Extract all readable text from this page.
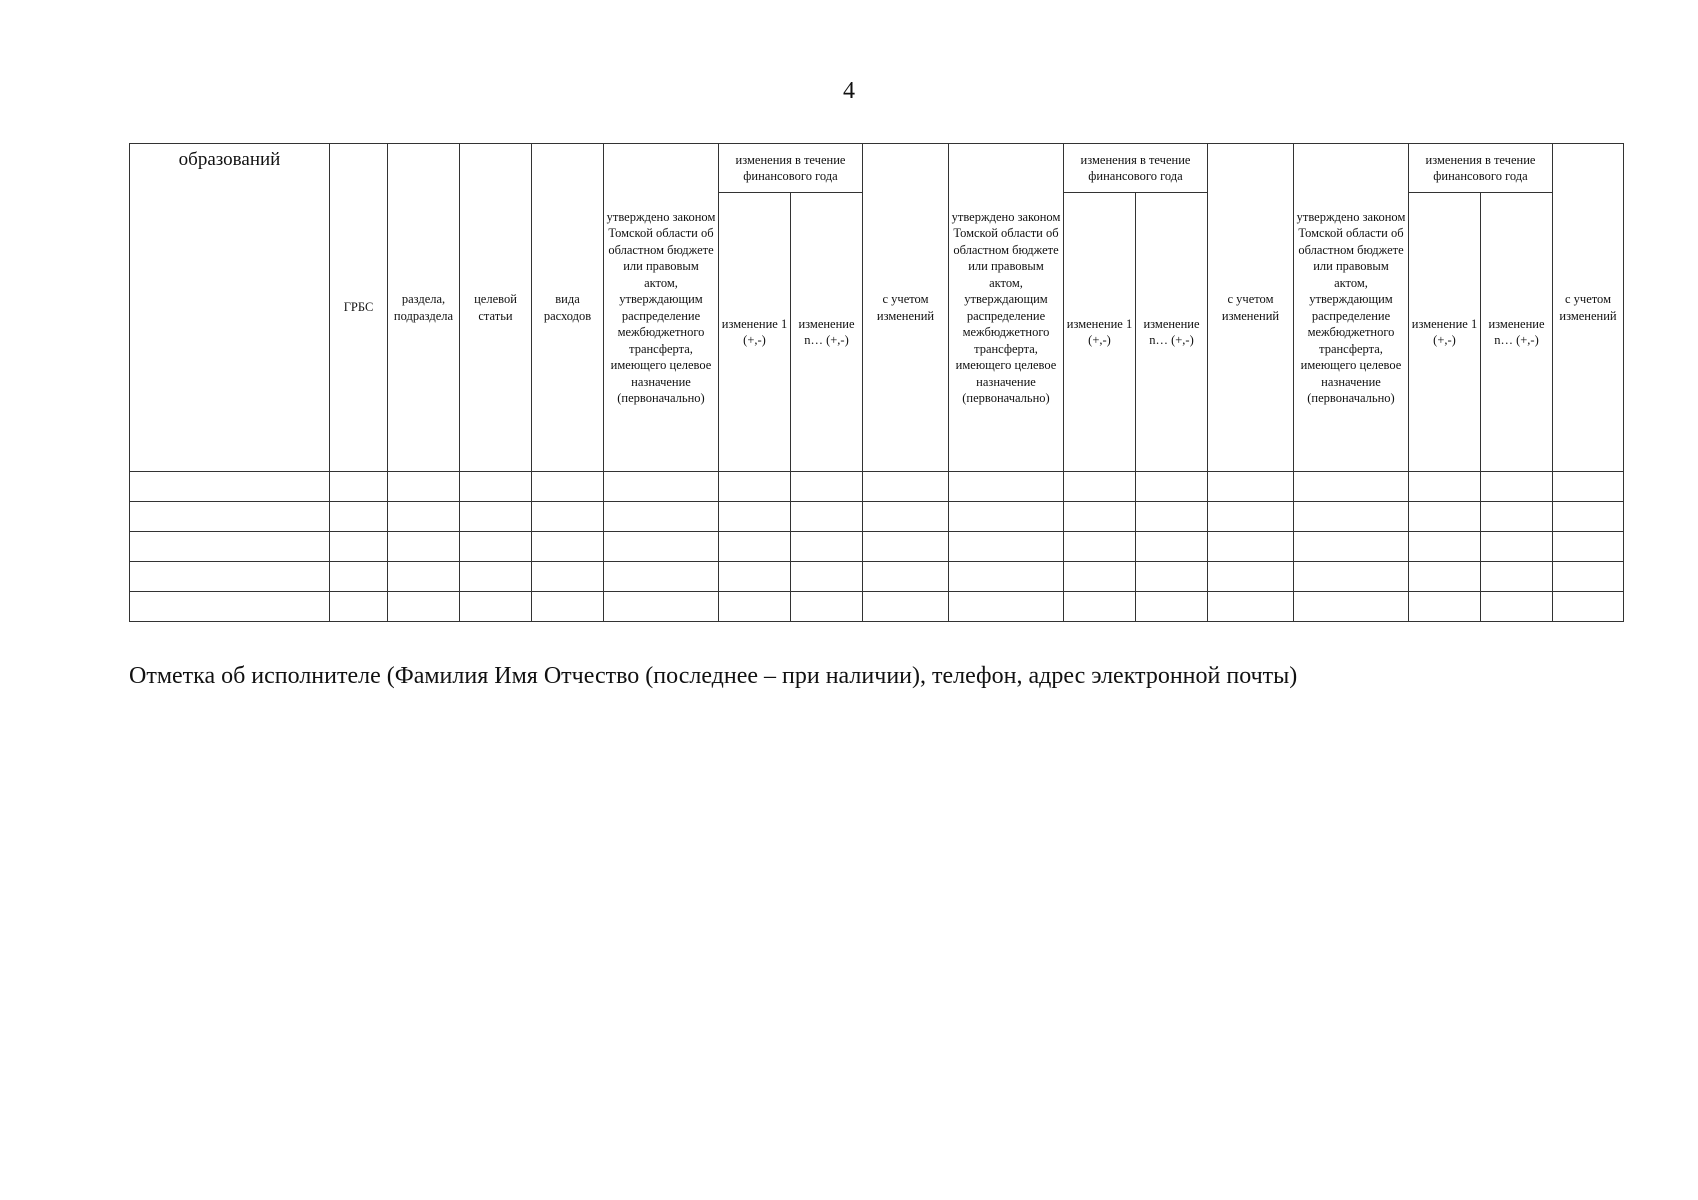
4
образований	ГРБС	раздела, подраздела	целевой статьи	вида расходов	утверждено законом Томской области об областном бюджете или правовым актом, утверждающим распределение межбюджетного трансферта, имеющего целевое назначение (первоначально)	изменения в течение финансового года		с учетом изменений	утверждено законом Томской области об областном бюджете или правовым актом, утверждающим распределение межбюджетного трансферта, имеющего целевое назначение (первоначально)	изменения в течение финансового года		с учетом изменений	утверждено законом Томской области об областном бюджете или правовым актом, утверждающим распределение межбюджетного трансферта, имеющего целевое назначение (первоначально)	изменения в течение финансового года		с учетом изменений
						изменение 1 (+,-)	изменение n… (+,-)			изменение 1 (+,-)	изменение n… (+,-)			изменение 1 (+,-)	изменение n… (+,-)	

Отметка об исполнителе (Фамилия Имя Отчество (последнее – при наличии), телефон, адрес электронной почты)
